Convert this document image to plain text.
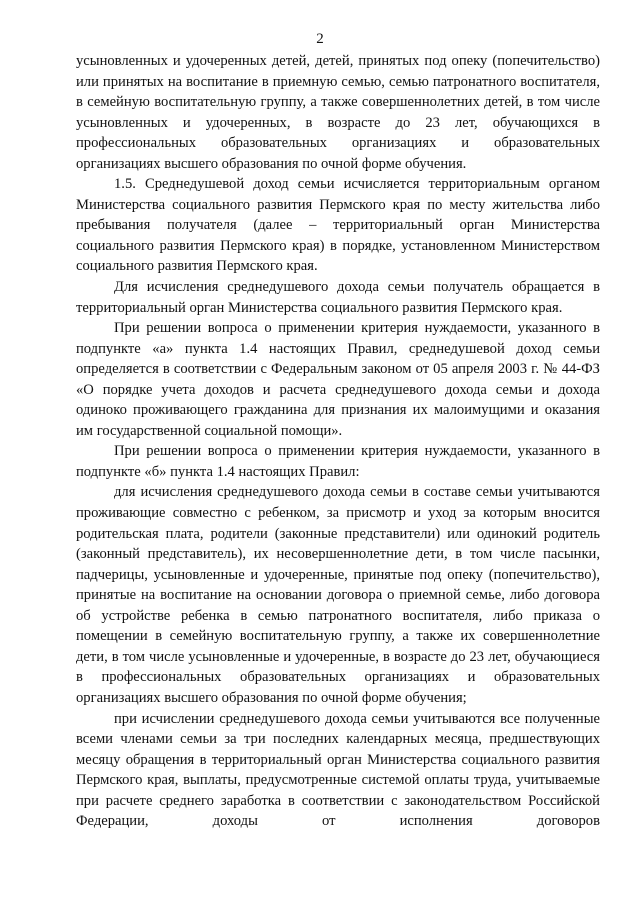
2

усыновленных и удочеренных детей, детей, принятых под опеку (попечительство) или принятых на воспитание в приемную семью, семью патронатного воспитателя, в семейную воспитательную группу, а также совершеннолетних детей, в том числе усыновленных и удочеренных, в возрасте до 23 лет, обучающихся в профессиональных образовательных организациях и образовательных организациях высшего образования по очной форме обучения.

1.5. Среднедушевой доход семьи исчисляется территориальным органом Министерства социального развития Пермского края по месту жительства либо пребывания получателя (далее – территориальный орган Министерства социального развития Пермского края) в порядке, установленном Министерством социального развития Пермского края.

Для исчисления среднедушевого дохода семьи получатель обращается в территориальный орган Министерства социального развития Пермского края.

При решении вопроса о применении критерия нуждаемости, указанного в подпункте «а» пункта 1.4 настоящих Правил, среднедушевой доход семьи определяется в соответствии с Федеральным законом от 05 апреля 2003 г. № 44-ФЗ «О порядке учета доходов и расчета среднедушевого дохода семьи и дохода одиноко проживающего гражданина для признания их малоимущими и оказания им государственной социальной помощи».

При решении вопроса о применении критерия нуждаемости, указанного в подпункте «б» пункта 1.4 настоящих Правил:

для исчисления среднедушевого дохода семьи в составе семьи учитываются проживающие совместно с ребенком, за присмотр и уход за которым вносится родительская плата, родители (законные представители) или одинокий родитель (законный представитель), их несовершеннолетние дети, в том числе пасынки, падчерицы, усыновленные и удочеренные, принятые под опеку (попечительство), принятые на воспитание на основании договора о приемной семье, либо договора об устройстве ребенка в семью патронатного воспитателя, либо приказа о помещении в семейную воспитательную группу, а также их совершеннолетние дети, в том числе усыновленные и удочеренные, в возрасте до 23 лет, обучающиеся в профессиональных образовательных организациях и образовательных организациях высшего образования по очной форме обучения;

при исчислении среднедушевого дохода семьи учитываются все полученные всеми членами семьи за три последних календарных месяца, предшествующих месяцу обращения в территориальный орган Министерства социального развития Пермского края, выплаты, предусмотренные системой оплаты труда, учитываемые при расчете среднего заработка в соответствии с законодательством Российской Федерации, доходы от исполнения договоров
